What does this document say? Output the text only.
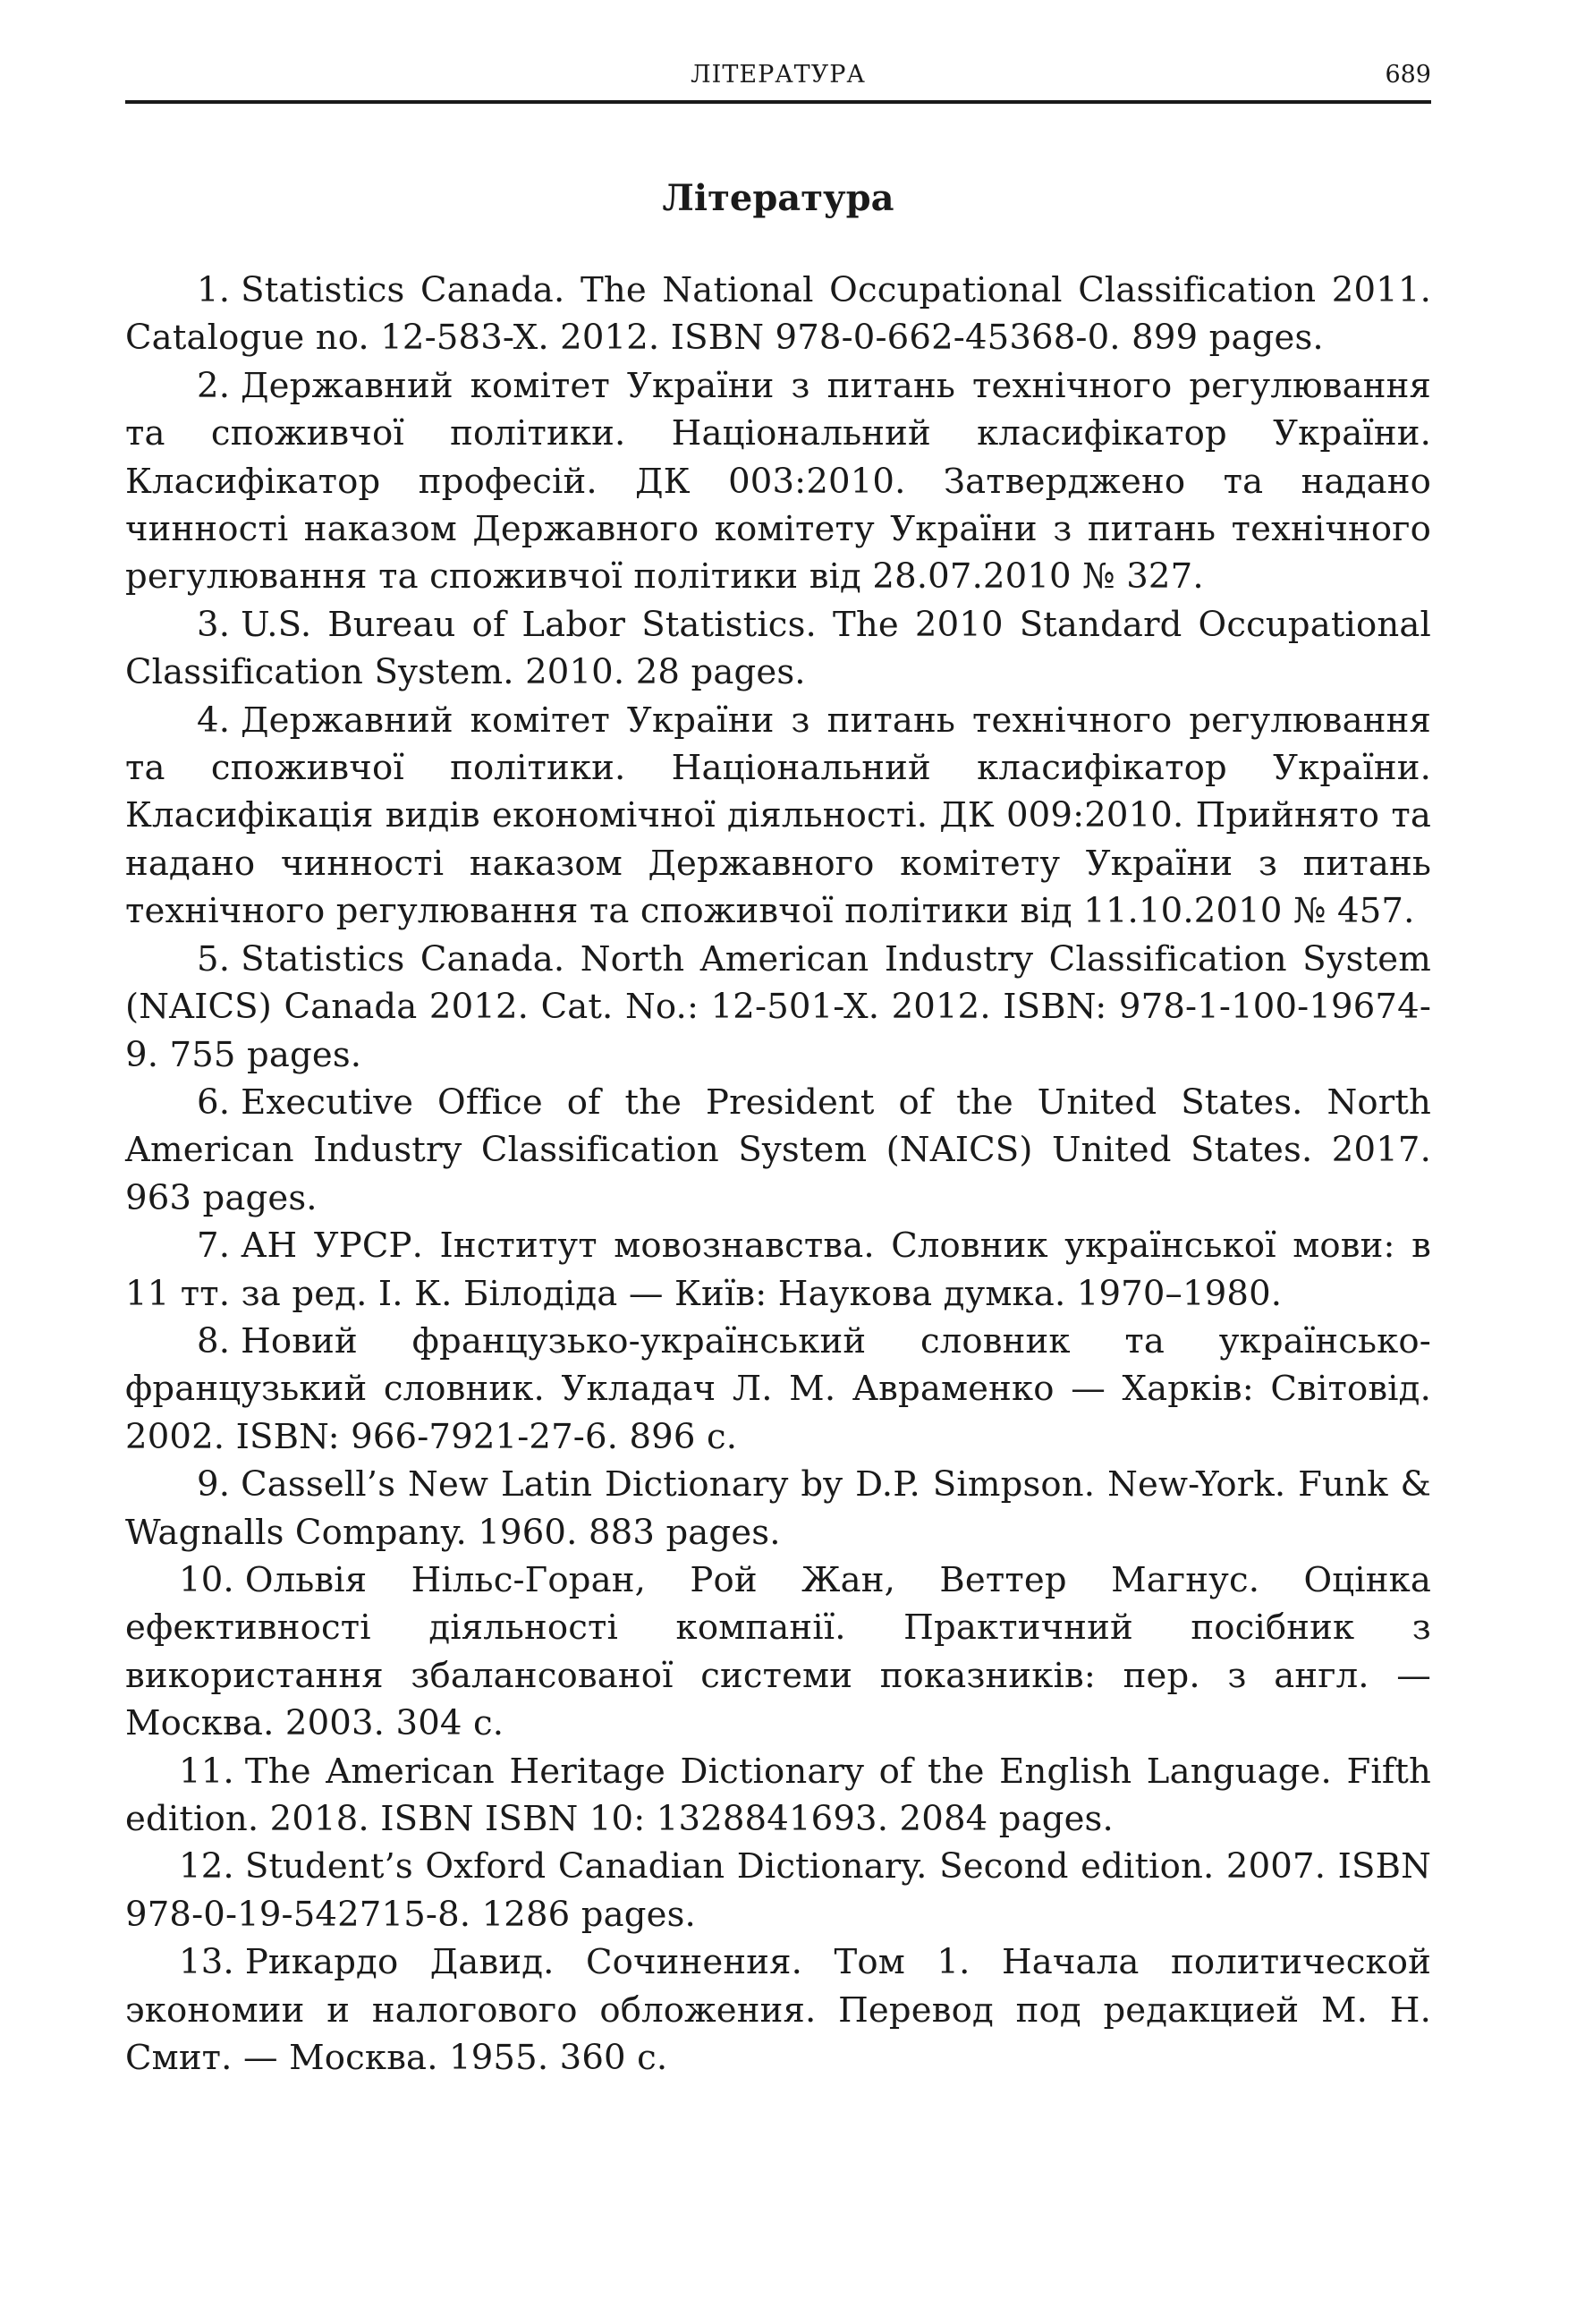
ЛІТЕРАТУРА	689
Література
1. Statistics Canada. The National Occupational Classification 2011. Catalogue no. 12-583-X. 2012. ISBN 978-0-662-45368-0. 899 pages.
2. Державний комітет України з питань технічного регулювання та споживчої політики. Національний класифікатор України. Класифікатор професій. ДК 003:2010. Затверджено та надано чинності наказом Державного комітету України з питань технічного регулювання та споживчої політики від 28.07.2010 № 327.
3. U.S. Bureau of Labor Statistics. The 2010 Standard Occupational Classification System. 2010. 28 pages.
4. Державний комітет України з питань технічного регулювання та споживчої політики. Національний класифікатор України. Класифікація видів економічної діяльності. ДК 009:2010. Прийнято та надано чинності наказом Державного комітету України з питань технічного регулювання та споживчої політики від 11.10.2010 № 457.
5. Statistics Canada. North American Industry Classification System (NAICS) Canada 2012. Cat. No.: 12-501-X. 2012. ISBN: 978-1-100-19674-9. 755 pages.
6. Executive Office of the President of the United States. North American Industry Classification System (NAICS) United States. 2017. 963 pages.
7. АН УРСР. Інститут мовознавства. Словник української мови: в 11 тт. за ред. І. К. Білодіда — Київ: Наукова думка. 1970–1980.
8. Новий французько-український словник та українсько-французький словник. Укладач Л. М. Авраменко — Харків: Світовід. 2002. ISBN: 966-7921-27-6. 896 с.
9. Cassell’s New Latin Dictionary by D.P. Simpson. New-York. Funk & Wagnalls Company. 1960. 883 pages.
10. Ольвія Нільс-Горан, Рой Жан, Веттер Магнус. Оцінка ефективності діяльності компанії. Практичний посібник з використання збалансованої системи показників: пер. з англ. — Москва. 2003. 304 с.
11. The American Heritage Dictionary of the English Language. Fifth edition. 2018. ISBN ISBN 10: 1328841693. 2084 pages.
12. Student’s Oxford Canadian Dictionary. Second edition. 2007. ISBN 978-0-19-542715-8. 1286 pages.
13. Рикардо Давид. Сочинения. Том 1. Начала политической экономии и налогового обложения. Перевод под редакцией М. Н. Смит. — Москва. 1955. 360 с.
